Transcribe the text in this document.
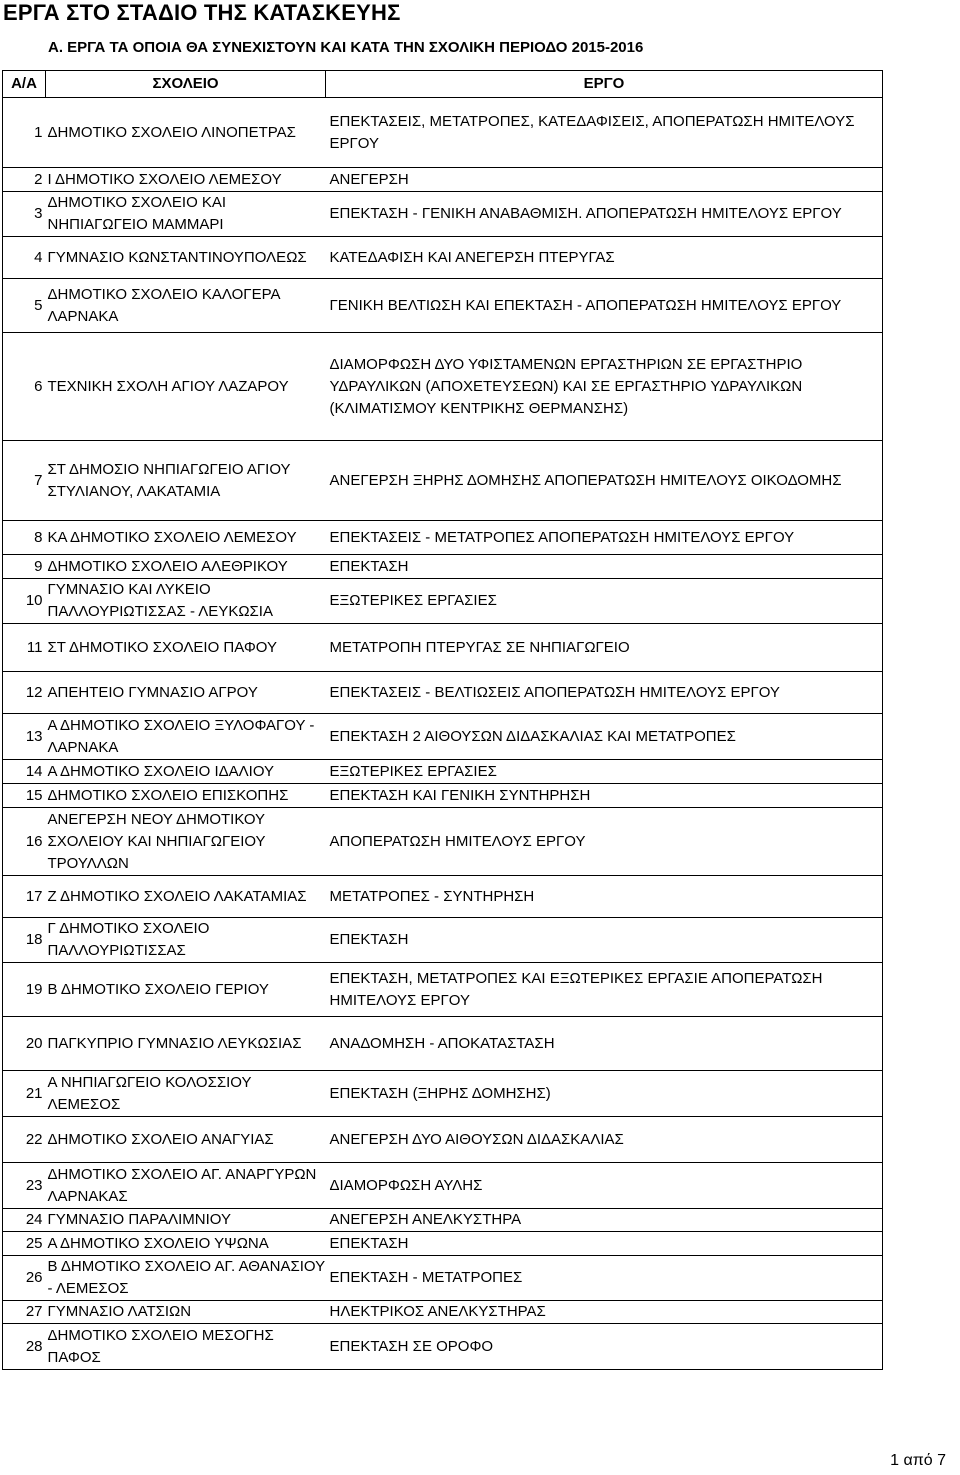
ΕΡΓΑ ΣΤΟ ΣΤΑΔΙΟ ΤΗΣ ΚΑΤΑΣΚΕΥΗΣ
Α. ΕΡΓΑ ΤΑ ΟΠΟΙΑ ΘΑ ΣΥΝΕΧΙΣΤΟΥΝ ΚΑΙ ΚΑΤΑ ΤΗΝ ΣΧΟΛΙΚΗ ΠΕΡΙΟΔΟ 2015-2016
Α/Α	ΣΧΟΛΕΙΟ	ΕΡΓΟ
1	ΔΗΜΟΤΙΚΟ ΣΧΟΛΕΙΟ ΛΙΝΟΠΕΤΡΑΣ	ΕΠΕΚΤΑΣΕΙΣ, ΜΕΤΑΤΡΟΠΕΣ, ΚΑΤΕΔΑΦΙΣΕΙΣ, ΑΠΟΠΕΡΑΤΩΣΗ ΗΜΙΤΕΛΟΥΣ ΕΡΓΟΥ
2	Ι ΔΗΜΟΤΙΚΟ ΣΧΟΛΕΙΟ ΛΕΜΕΣΟΥ	ΑΝΕΓΕΡΣΗ
3	ΔΗΜΟΤΙΚΟ ΣΧΟΛΕΙΟ ΚΑΙ ΝΗΠΙΑΓΩΓΕΙΟ ΜΑΜΜΑΡΙ	ΕΠΕΚΤΑΣΗ - ΓΕΝΙΚΗ ΑΝΑΒΑΘΜΙΣΗ. ΑΠΟΠΕΡΑΤΩΣΗ ΗΜΙΤΕΛΟΥΣ ΕΡΓΟΥ
4	ΓΥΜΝΑΣΙΟ ΚΩΝΣΤΑΝΤΙΝΟΥΠΟΛΕΩΣ	ΚΑΤΕΔΑΦΙΣΗ ΚΑΙ ΑΝΕΓΕΡΣΗ ΠΤΕΡΥΓΑΣ
5	ΔΗΜΟΤΙΚΟ ΣΧΟΛΕΙΟ ΚΑΛΟΓΕΡΑ ΛΑΡΝΑΚΑ	ΓΕΝΙΚΗ ΒΕΛΤΙΩΣΗ ΚΑΙ ΕΠΕΚΤΑΣΗ - ΑΠΟΠΕΡΑΤΩΣΗ ΗΜΙΤΕΛΟΥΣ ΕΡΓΟΥ
6	ΤΕΧΝΙΚΗ ΣΧΟΛΗ ΑΓΙΟΥ ΛΑΖΑΡΟΥ	ΔΙΑΜΟΡΦΩΣΗ ΔΥΟ ΥΦΙΣΤΑΜΕΝΩΝ ΕΡΓΑΣΤΗΡΙΩΝ ΣΕ ΕΡΓΑΣΤΗΡΙΟ ΥΔΡΑΥΛΙΚΩΝ (ΑΠΟΧΕΤΕΥΣΕΩΝ) ΚΑΙ ΣΕ ΕΡΓΑΣΤΗΡΙΟ ΥΔΡΑΥΛΙΚΩΝ (ΚΛΙΜΑΤΙΣΜΟΥ ΚΕΝΤΡΙΚΗΣ ΘΕΡΜΑΝΣΗΣ)
7	ΣΤ ΔΗΜΟΣΙΟ ΝΗΠΙΑΓΩΓΕΙΟ ΑΓΙΟΥ ΣΤΥΛΙΑΝΟΥ, ΛΑΚΑΤΑΜΙΑ	ΑΝΕΓΕΡΣΗ ΞΗΡΗΣ ΔΟΜΗΣΗΣ ΑΠΟΠΕΡΑΤΩΣΗ ΗΜΙΤΕΛΟΥΣ ΟΙΚΟΔΟΜΗΣ
8	ΚΑ ΔΗΜΟΤΙΚΟ ΣΧΟΛΕΙΟ ΛΕΜΕΣΟΥ	ΕΠΕΚΤΑΣΕΙΣ - ΜΕΤΑΤΡΟΠΕΣ ΑΠΟΠΕΡΑΤΩΣΗ ΗΜΙΤΕΛΟΥΣ ΕΡΓΟΥ
9	ΔΗΜΟΤΙΚΟ ΣΧΟΛΕΙΟ ΑΛΕΘΡΙΚΟΥ	ΕΠΕΚΤΑΣΗ
10	ΓΥΜΝΑΣΙΟ ΚΑΙ ΛΥΚΕΙΟ ΠΑΛΛΟΥΡΙΩΤΙΣΣΑΣ - ΛΕΥΚΩΣΙΑ	ΕΞΩΤΕΡΙΚΕΣ ΕΡΓΑΣΙΕΣ
11	ΣΤ ΔΗΜΟΤΙΚΟ ΣΧΟΛΕΙΟ ΠΑΦΟΥ	ΜΕΤΑΤΡΟΠΗ ΠΤΕΡΥΓΑΣ ΣΕ ΝΗΠΙΑΓΩΓΕΙΟ
12	ΑΠΕΗΤΕΙΟ ΓΥΜΝΑΣΙΟ ΑΓΡΟΥ	ΕΠΕΚΤΑΣΕΙΣ - ΒΕΛΤΙΩΣΕΙΣ ΑΠΟΠΕΡΑΤΩΣΗ ΗΜΙΤΕΛΟΥΣ ΕΡΓΟΥ
13	Α ΔΗΜΟΤΙΚΟ ΣΧΟΛΕΙΟ ΞΥΛΟΦΑΓΟΥ - ΛΑΡΝΑΚΑ	ΕΠΕΚΤΑΣΗ 2 ΑΙΘΟΥΣΩΝ ΔΙΔΑΣΚΑΛΙΑΣ ΚΑΙ ΜΕΤΑΤΡΟΠΕΣ
14	Α ΔΗΜΟΤΙΚΟ ΣΧΟΛΕΙΟ ΙΔΑΛΙΟΥ	ΕΞΩΤΕΡΙΚΕΣ ΕΡΓΑΣΙΕΣ
15	ΔΗΜΟΤΙΚΟ ΣΧΟΛΕΙΟ ΕΠΙΣΚΟΠΗΣ	ΕΠΕΚΤΑΣΗ ΚΑΙ ΓΕΝΙΚΗ ΣΥΝΤΗΡΗΣΗ
16	ΑΝΕΓΕΡΣΗ ΝΕΟΥ ΔΗΜΟΤΙΚΟΥ ΣΧΟΛΕΙΟΥ ΚΑΙ ΝΗΠΙΑΓΩΓΕΙΟΥ ΤΡΟΥΛΛΩΝ	ΑΠΟΠΕΡΑΤΩΣΗ ΗΜΙΤΕΛΟΥΣ ΕΡΓΟΥ
17	Ζ ΔΗΜΟΤΙΚΟ ΣΧΟΛΕΙΟ ΛΑΚΑΤΑΜΙΑΣ	ΜΕΤΑΤΡΟΠΕΣ - ΣΥΝΤΗΡΗΣΗ
18	Γ ΔΗΜΟΤΙΚΟ ΣΧΟΛΕΙΟ ΠΑΛΛΟΥΡΙΩΤΙΣΣΑΣ	ΕΠΕΚΤΑΣΗ
19	Β ΔΗΜΟΤΙΚΟ ΣΧΟΛΕΙΟ ΓΕΡΙΟΥ	ΕΠΕΚΤΑΣΗ, ΜΕΤΑΤΡΟΠΕΣ ΚΑΙ ΕΞΩΤΕΡΙΚΕΣ ΕΡΓΑΣΙΕ ΑΠΟΠΕΡΑΤΩΣΗ ΗΜΙΤΕΛΟΥΣ ΕΡΓΟΥ
20	ΠΑΓΚΥΠΡΙΟ ΓΥΜΝΑΣΙΟ ΛΕΥΚΩΣΙΑΣ	ΑΝΑΔΟΜΗΣΗ - ΑΠΟΚΑΤΑΣΤΑΣΗ
21	Α ΝΗΠΙΑΓΩΓΕΙΟ ΚΟΛΟΣΣΙΟΥ ΛΕΜΕΣΟΣ	ΕΠΕΚΤΑΣΗ (ΞΗΡΗΣ ΔΟΜΗΣΗΣ)
22	ΔΗΜΟΤΙΚΟ ΣΧΟΛΕΙΟ ΑΝΑΓΥΙΑΣ	ΑΝΕΓΕΡΣΗ ΔΥΟ ΑΙΘΟΥΣΩΝ ΔΙΔΑΣΚΑΛΙΑΣ
23	ΔΗΜΟΤΙΚΟ ΣΧΟΛΕΙΟ ΑΓ. ΑΝΑΡΓΥΡΩΝ ΛΑΡΝΑΚΑΣ	ΔΙΑΜΟΡΦΩΣΗ ΑΥΛΗΣ
24	ΓΥΜΝΑΣΙΟ ΠΑΡΑΛΙΜΝΙΟΥ	ΑΝΕΓΕΡΣΗ ΑΝΕΛΚΥΣΤΗΡΑ
25	Α ΔΗΜΟΤΙΚΟ ΣΧΟΛΕΙΟ ΥΨΩΝΑ	ΕΠΕΚΤΑΣΗ
26	Β ΔΗΜΟΤΙΚΟ ΣΧΟΛΕΙΟ ΑΓ. ΑΘΑΝΑΣΙΟΥ - ΛΕΜΕΣΟΣ	ΕΠΕΚΤΑΣΗ - ΜΕΤΑΤΡΟΠΕΣ
27	ΓΥΜΝΑΣΙΟ ΛΑΤΣΙΩΝ	ΗΛΕΚΤΡΙΚΟΣ ΑΝΕΛΚΥΣΤΗΡΑΣ
28	ΔΗΜΟΤΙΚΟ ΣΧΟΛΕΙΟ ΜΕΣΟΓΗΣ ΠΑΦΟΣ	ΕΠΕΚΤΑΣΗ ΣΕ ΟΡΟΦΟ
1 από 7
